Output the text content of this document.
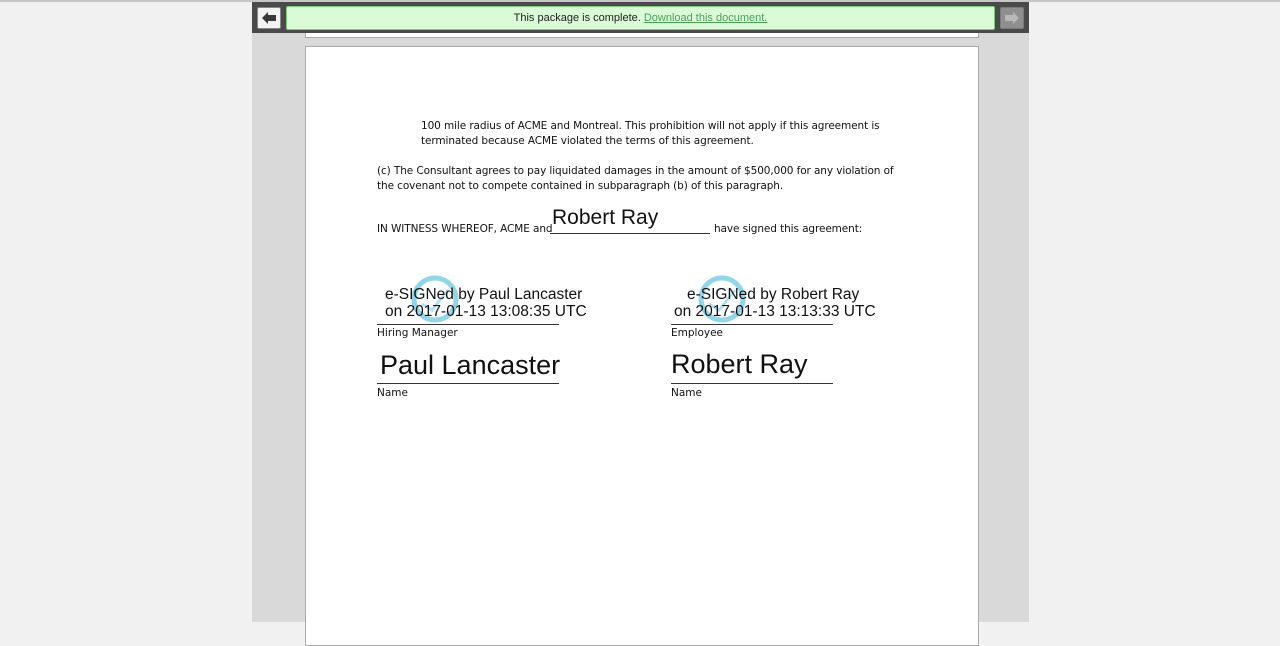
This package is complete. Download this document.
100 mile radius of ACME and Montreal. This prohibition will not apply if this agreement is terminated because ACME violated the terms of this agreement.
(c) The Consultant agrees to pay liquidated damages in the amount of $500,000 for any violation of the covenant not to compete contained in subparagraph (b) of this paragraph.
IN WITNESS WHEREOF, ACME and Robert Ray	have signed this agreement:
e-SIGNed by Paul Lancaster
on 2017-01-13 13:08:35 UTC
Hiring Manager
Paul Lancaster
Name
e-SIGNed by Robert Ray
on 2017-01-13 13:13:33 UTC
Employee
Robert Ray
Name
